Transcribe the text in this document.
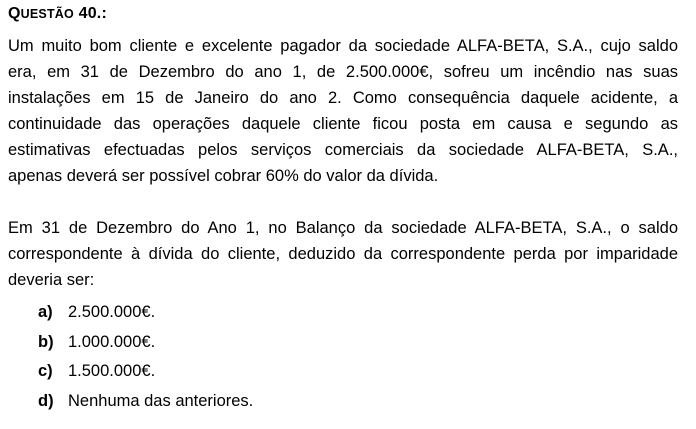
QUESTÃO 40.:
Um muito bom cliente e excelente pagador da sociedade ALFA-BETA, S.A., cujo saldo
era, em 31 de Dezembro do ano 1, de 2.500.000€, sofreu um incêndio nas suas
instalações em 15 de Janeiro do ano 2. Como consequência daquele acidente, a
continuidade das operações daquele cliente ficou posta em causa e segundo as
estimativas efectuadas pelos serviços comerciais da sociedade ALFA-BETA, S.A.,
apenas deverá ser possível cobrar 60% do valor da dívida.
Em 31 de Dezembro do Ano 1, no Balanço da sociedade ALFA-BETA, S.A., o saldo
correspondente à dívida do cliente, deduzido da correspondente perda por imparidade
deveria ser:
a) 2.500.000€.
b) 1.000.000€.
c) 1.500.000€.
d) Nenhuma das anteriores.
